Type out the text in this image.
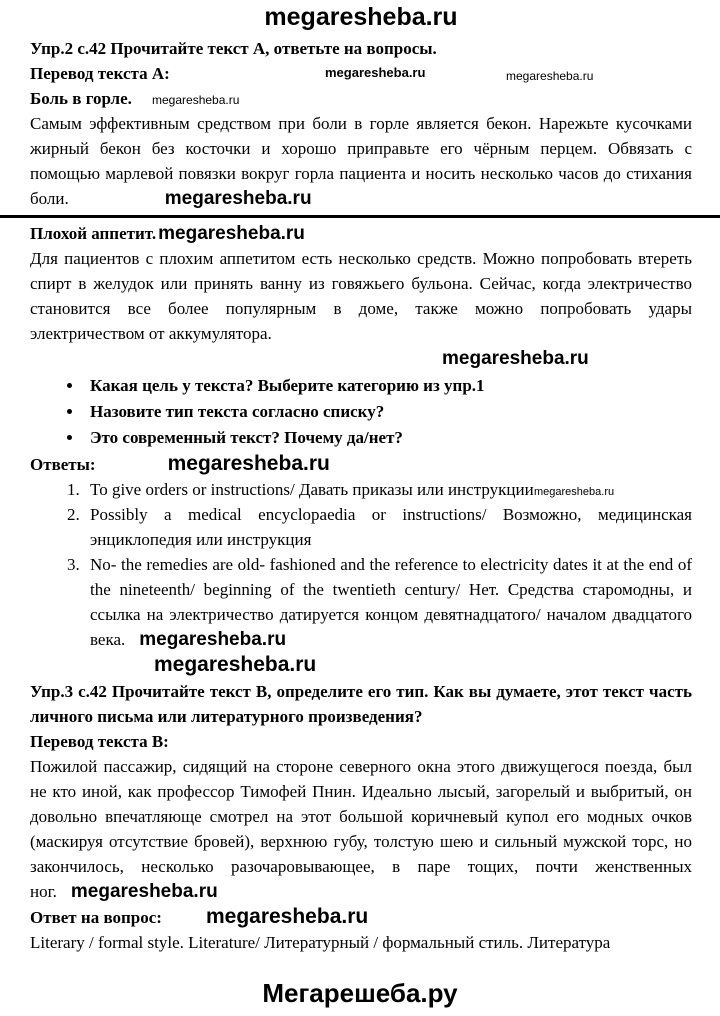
megaresheba.ru
megaresheba.ru	megaresheba.ru
megaresheba.ru
Упр.2 с.42 Прочитайте текст А, ответьте на вопросы.
Перевод текста А:
Боль в горле.

Самым эффективным средством при боли в горле является бекон. Нарежьте кусочками жирный бекон без косточки и хорошо приправьте его чёрным перцем. Обвязать с помощью марлевой повязки вокруг горла пациента и носить несколько часов до стихания боли.	megaresheba.ru

Плохой аппетит. megaresheba.ru

Для пациентов с плохим аппетитом есть несколько средств. Можно попробовать втереть спирт в желудок или принять ванну из говяжьего бульона. Сейчас, когда электричество становится все более популярным в доме, также можно попробовать удары электричеством от аккумулятора.

megaresheba.ru
• Какая цель у текста? Выберите категорию из упр.1
• Назовите тип текста согласно списку?
• Это современный текст? Почему да/нет?
Ответы:	megaresheba.ru
1. To give orders or instructions/ Давать приказы или инструкции megaresheba.ru
2. Possibly a medical encyclopaedia or instructions/ Возможно, медицинская энциклопедия или инструкция
3. No- the remedies are old- fashioned and the reference to electricity dates it at the end of the nineteenth/ beginning of the twentieth century/ Нет. Средства старомодны, и ссылка на электричество датируется концом девятнадцатого/ началом двадцатого века. megaresheba.ru
megaresheba.ru
Упр.3 с.42 Прочитайте текст В, определите его тип. Как вы думаете, этот текст часть личного письма или литературного произведения?
Перевод текста В:

Пожилой пассажир, сидящий на стороне северного окна этого движущегося поезда, был не кто иной, как профессор Тимофей Пнин. Идеально лысый, загорелый и выбритый, он довольно впечатляюще смотрел на этот большой коричневый купол его модных очков (маскируя отсутствие бровей), верхнюю губу, толстую шею и сильный мужской торс, но закончилось, несколько разочаровывающее, в паре тощих, почти женственных ног. megaresheba.ru

Ответ на вопрос: megaresheba.ru

Literary / formal style. Literature/ Литературный / формальный стиль. Литература

Мегарешеба.ру
